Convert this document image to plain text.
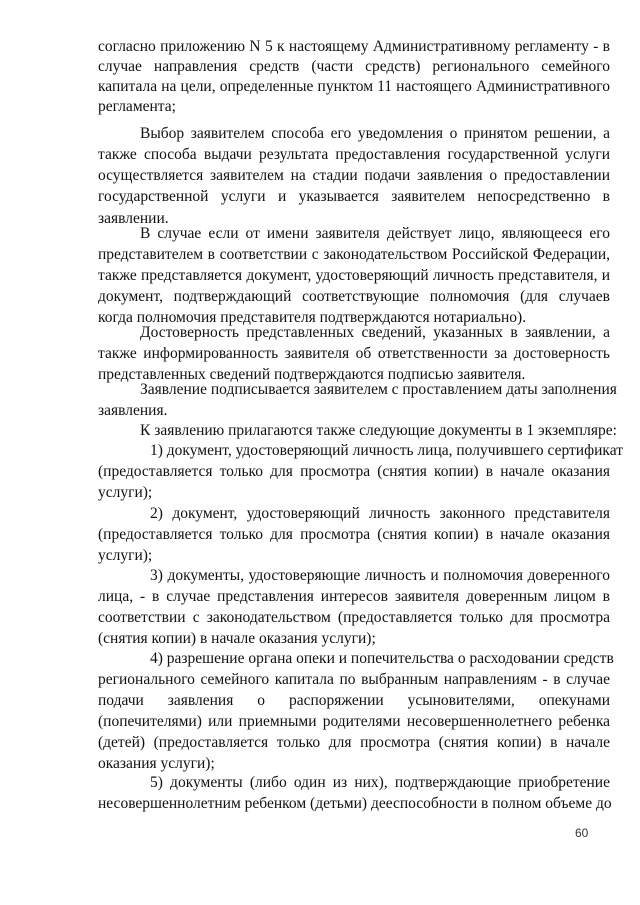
согласно приложению N 5 к настоящему Административному регламенту - в
случае направления средств (части средств) регионального семейного
капитала на цели, определенные пунктом 11 настоящего Административного
регламента;
Выбор заявителем способа его уведомления о принятом решении, а
также способа выдачи результата предоставления государственной услуги
осуществляется заявителем на стадии подачи заявления о предоставлении
государственной услуги и указывается заявителем непосредственно в
заявлении.
В случае если от имени заявителя действует лицо, являющееся его
представителем в соответствии с законодательством Российской Федерации,
также представляется документ, удостоверяющий личность представителя, и
документ, подтверждающий соответствующие полномочия (для случаев
когда полномочия представителя подтверждаются нотариально).
Достоверность представленных сведений, указанных в заявлении, а
также информированность заявителя об ответственности за достоверность
представленных сведений подтверждаются подписью заявителя.
Заявление подписывается заявителем с проставлением даты заполнения
заявления.
К заявлению прилагаются также следующие документы в 1 экземпляре:
1) документ, удостоверяющий личность лица, получившего сертификат
(предоставляется только для просмотра (снятия копии) в начале оказания
услуги);
2) документ, удостоверяющий личность законного представителя
(предоставляется только для просмотра (снятия копии) в начале оказания
услуги);
3) документы, удостоверяющие личность и полномочия доверенного
лица, - в случае представления интересов заявителя доверенным лицом в
соответствии с законодательством (предоставляется только для просмотра
(снятия копии) в начале оказания услуги);
4) разрешение органа опеки и попечительства о расходовании средств
регионального семейного капитала по выбранным направлениям - в случае
подачи заявления о распоряжении усыновителями, опекунами
(попечителями) или приемными родителями несовершеннолетнего ребенка
(детей) (предоставляется только для просмотра (снятия копии) в начале
оказания услуги);
5) документы (либо один из них), подтверждающие приобретение
несовершеннолетним ребенком (детьми) дееспособности в полном объеме до
60
